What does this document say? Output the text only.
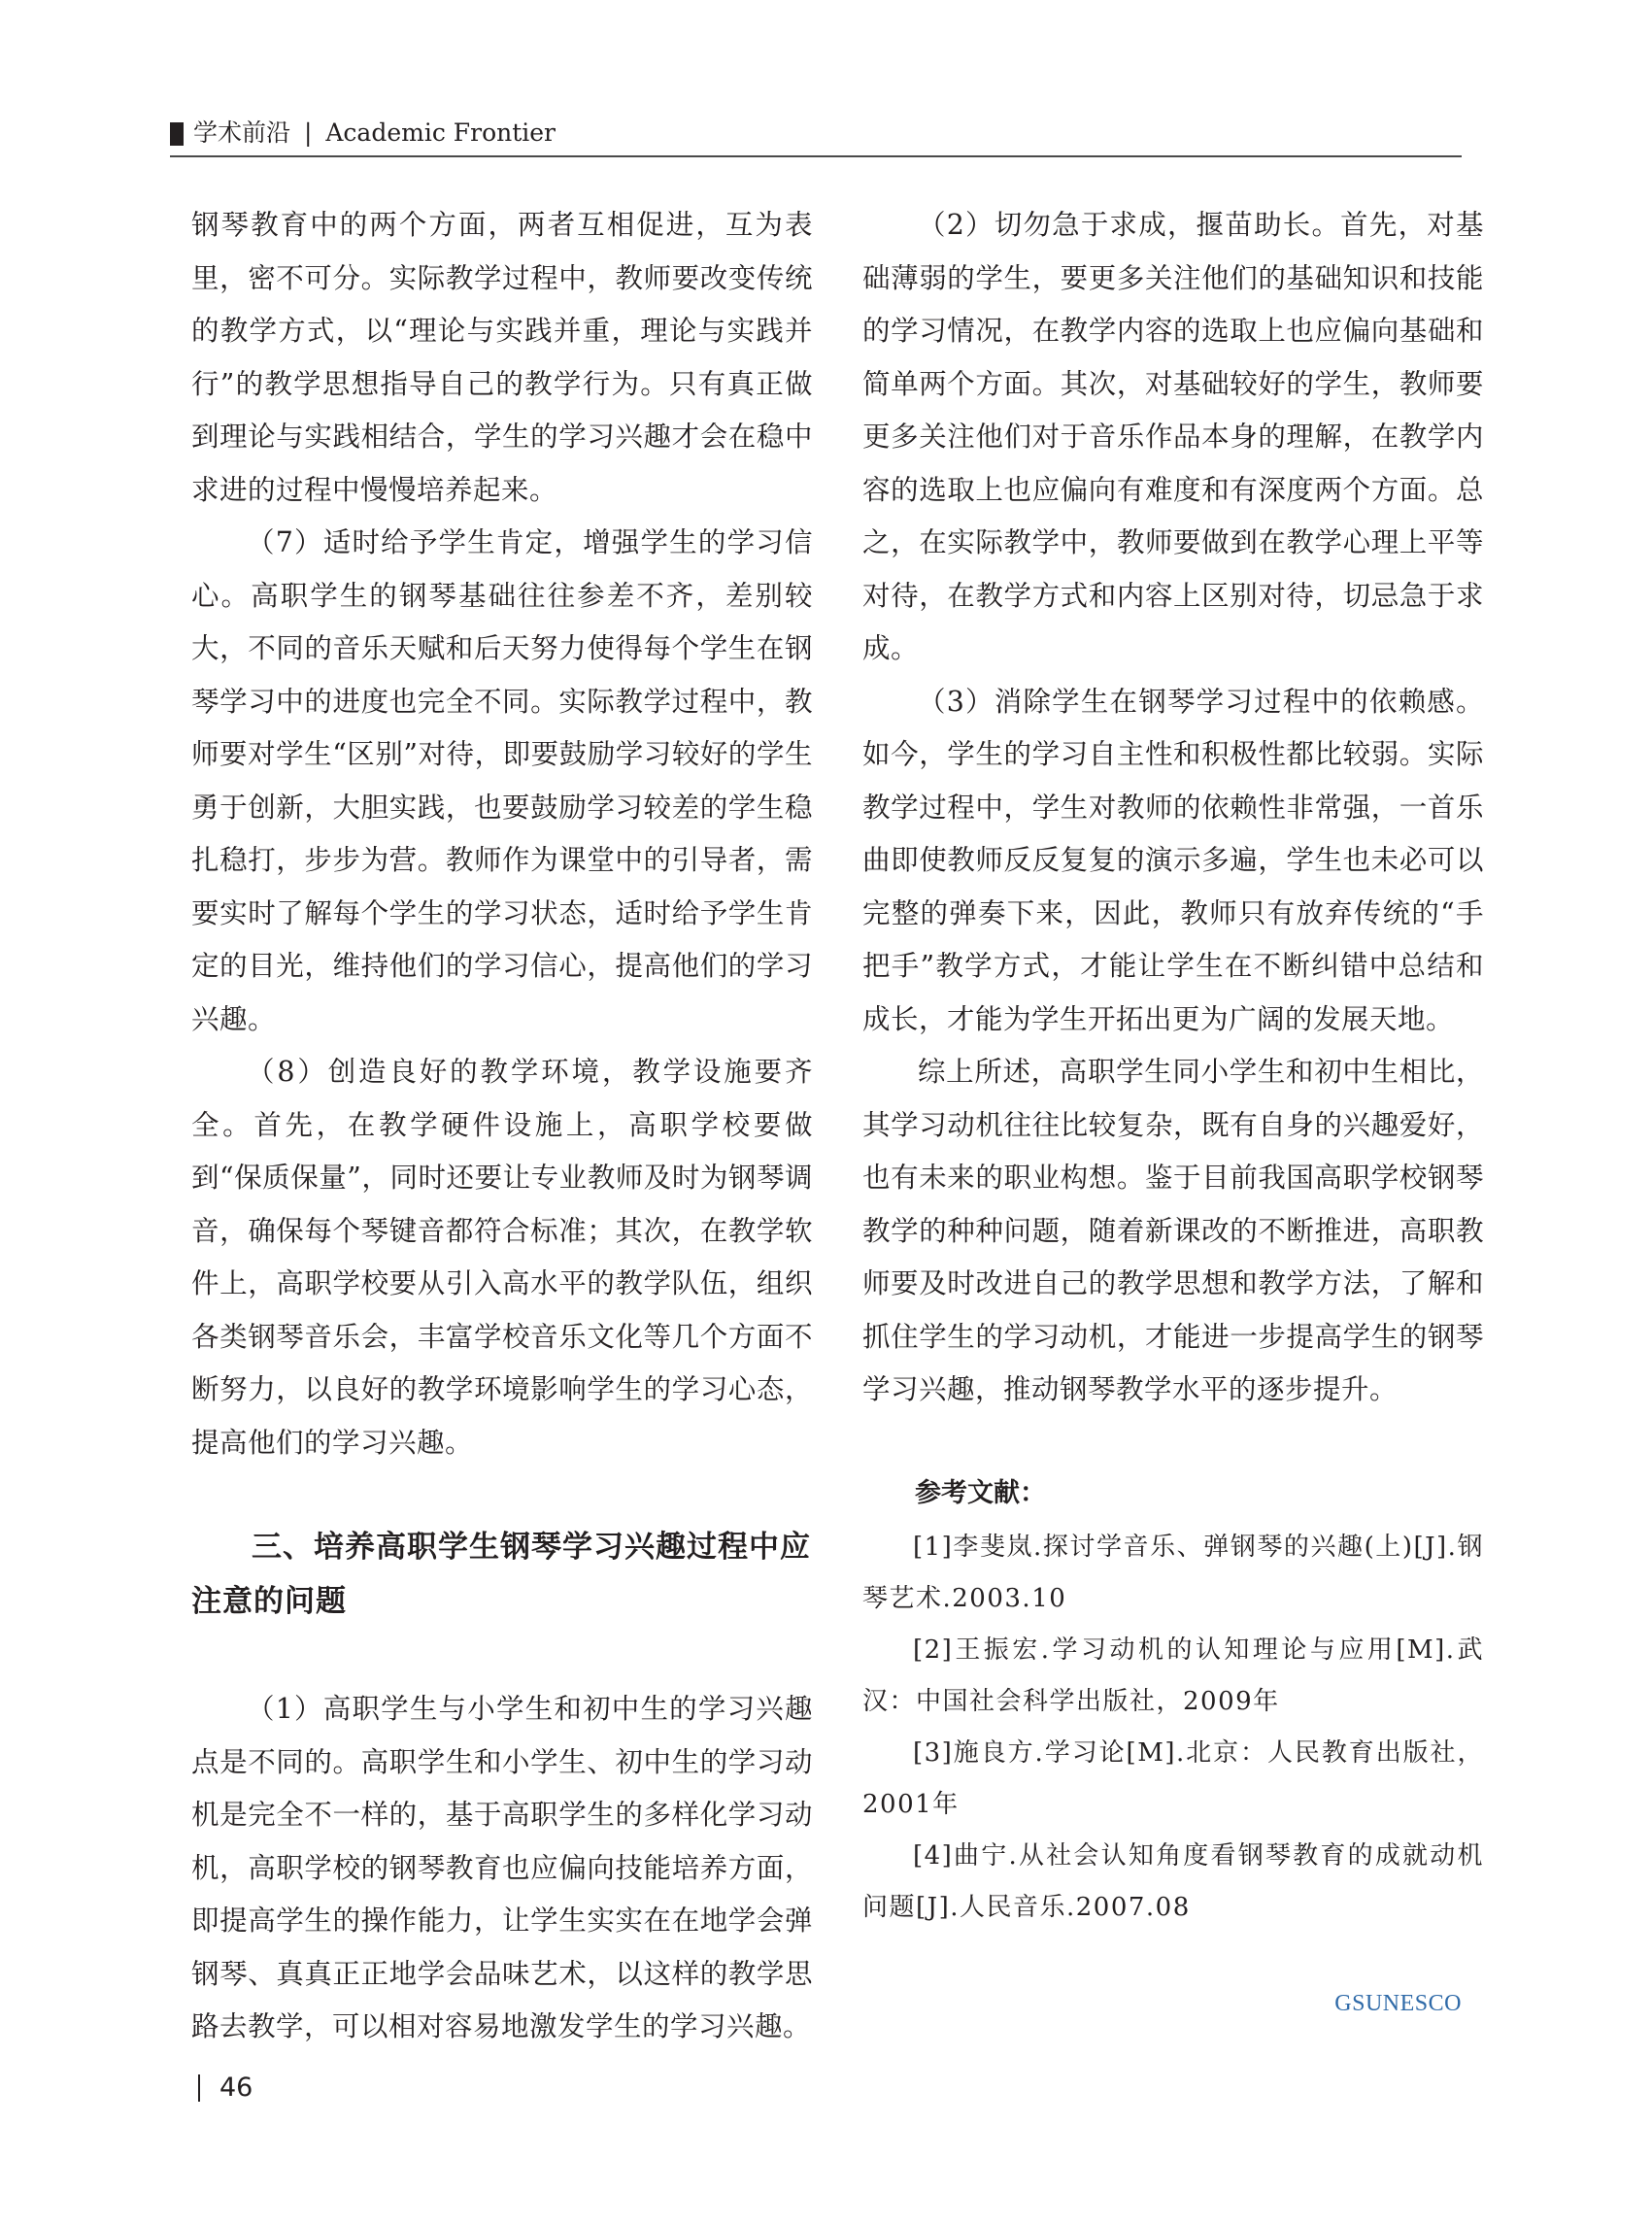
学术前沿 | Academic Frontier

钢琴教育中的两个方面，两者互相促进，互为表里，密不可分。实际教学过程中，教师要改变传统的教学方式，以“理论与实践并重，理论与实践并行”的教学思想指导自己的教学行为。只有真正做到理论与实践相结合，学生的学习兴趣才会在稳中求进的过程中慢慢培养起来。

（7）适时给予学生肯定，增强学生的学习信心。高职学生的钢琴基础往往参差不齐，差别较大，不同的音乐天赋和后天努力使得每个学生在钢琴学习中的进度也完全不同。实际教学过程中，教师要对学生“区别”对待，即要鼓励学习较好的学生勇于创新，大胆实践，也要鼓励学习较差的学生稳扎稳打，步步为营。教师作为课堂中的引导者，需要实时了解每个学生的学习状态，适时给予学生肯定的目光，维持他们的学习信心，提高他们的学习兴趣。

（8）创造良好的教学环境，教学设施要齐全。首先，在教学硬件设施上，高职学校要做到“保质保量”，同时还要让专业教师及时为钢琴调音，确保每个琴键音都符合标准；其次，在教学软件上，高职学校要从引入高水平的教学队伍，组织各类钢琴音乐会，丰富学校音乐文化等几个方面不断努力，以良好的教学环境影响学生的学习心态，提高他们的学习兴趣。

三、培养高职学生钢琴学习兴趣过程中应注意的问题

（1）高职学生与小学生和初中生的学习兴趣点是不同的。高职学生和小学生、初中生的学习动机是完全不一样的，基于高职学生的多样化学习动机，高职学校的钢琴教育也应偏向技能培养方面，即提高学生的操作能力，让学生实实在在地学会弹钢琴、真真正正地学会品味艺术，以这样的教学思路去教学，可以相对容易地激发学生的学习兴趣。

（2）切勿急于求成，揠苗助长。首先，对基础薄弱的学生，要更多关注他们的基础知识和技能的学习情况，在教学内容的选取上也应偏向基础和简单两个方面。其次，对基础较好的学生，教师要更多关注他们对于音乐作品本身的理解，在教学内容的选取上也应偏向有难度和有深度两个方面。总之，在实际教学中，教师要做到在教学心理上平等对待，在教学方式和内容上区别对待，切忌急于求成。

（3）消除学生在钢琴学习过程中的依赖感。如今，学生的学习自主性和积极性都比较弱。实际教学过程中，学生对教师的依赖性非常强，一首乐曲即使教师反反复复的演示多遍，学生也未必可以完整的弹奏下来，因此，教师只有放弃传统的“手把手”教学方式，才能让学生在不断纠错中总结和成长，才能为学生开拓出更为广阔的发展天地。

综上所述，高职学生同小学生和初中生相比，其学习动机往往比较复杂，既有自身的兴趣爱好，也有未来的职业构想。鉴于目前我国高职学校钢琴教学的种种问题，随着新课改的不断推进，高职教师要及时改进自己的教学思想和教学方法，了解和抓住学生的学习动机，才能进一步提高学生的钢琴学习兴趣，推动钢琴教学水平的逐步提升。

参考文献：

[1]李斐岚.探讨学音乐、弹钢琴的兴趣(上)[J].钢琴艺术.2003.10

[2]王振宏.学习动机的认知理论与应用[M].武汉：中国社会科学出版社，2009年

[3]施良方.学习论[M].北京：人民教育出版社，2001年

[4]曲宁.从社会认知角度看钢琴教育的成就动机问题[J].人民音乐.2007.08

GSUNESCO
46
